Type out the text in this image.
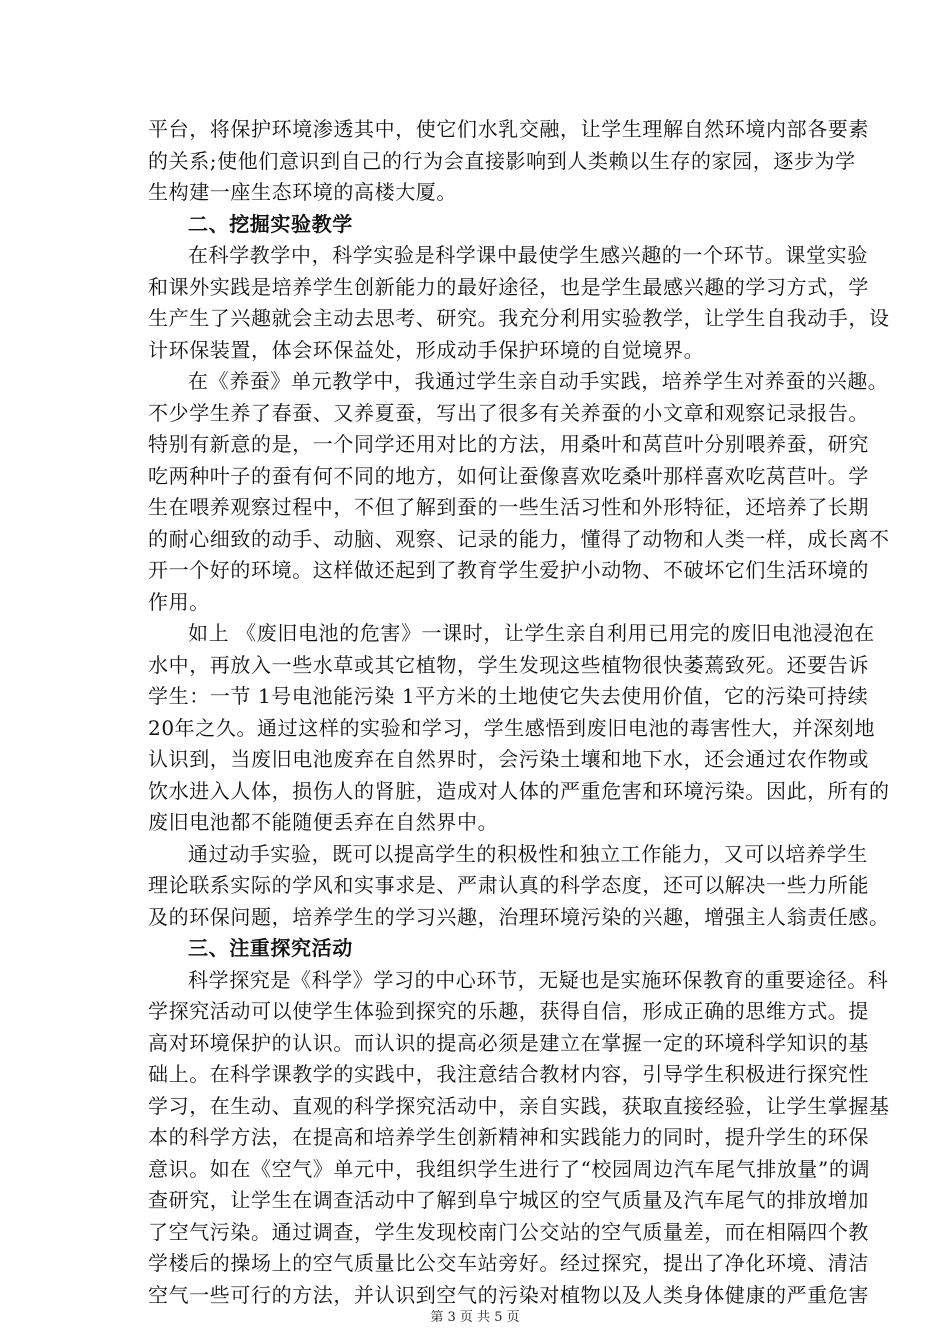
平台，将保护环境渗透其中，使它们水乳交融，让学生理解自然环境内部各要素
的关系;使他们意识到自己的行为会直接影响到人类赖以生存的家园，逐步为学
生构建一座生态环境的高楼大厦。
二、挖掘实验教学
在科学教学中，科学实验是科学课中最使学生感兴趣的一个环节。课堂实验
和课外实践是培养学生创新能力的最好途径，也是学生最感兴趣的学习方式，学
生产生了兴趣就会主动去思考、研究。我充分利用实验教学，让学生自我动手，设
计环保装置，体会环保益处，形成动手保护环境的自觉境界。
在《养蚕》单元教学中，我通过学生亲自动手实践，培养学生对养蚕的兴趣。
不少学生养了春蚕、又养夏蚕，写出了很多有关养蚕的小文章和观察记录报告。
特别有新意的是，一个同学还用对比的方法，用桑叶和莴苣叶分别喂养蚕，研究
吃两种叶子的蚕有何不同的地方，如何让蚕像喜欢吃桑叶那样喜欢吃莴苣叶。学
生在喂养观察过程中，不但了解到蚕的一些生活习性和外形特征，还培养了长期
的耐心细致的动手、动脑、观察、记录的能力，懂得了动物和人类一样，成长离不
开一个好的环境。这样做还起到了教育学生爱护小动物、不破坏它们生活环境的
作用。
如上 《废旧电池的危害》一课时，让学生亲自利用已用完的废旧电池浸泡在
水中，再放入一些水草或其它植物，学生发现这些植物很快萎蔫致死。还要告诉
学生：一节 1号电池能污染 1平方米的土地使它失去使用价值，它的污染可持续
20年之久。通过这样的实验和学习，学生感悟到废旧电池的毒害性大，并深刻地
认识到，当废旧电池废弃在自然界时，会污染土壤和地下水，还会通过农作物或
饮水进入人体，损伤人的肾脏，造成对人体的严重危害和环境污染。因此，所有的
废旧电池都不能随便丢弃在自然界中。
通过动手实验，既可以提高学生的积极性和独立工作能力，又可以培养学生
理论联系实际的学风和实事求是、严肃认真的科学态度，还可以解决一些力所能
及的环保问题，培养学生的学习兴趣，治理环境污染的兴趣，增强主人翁责任感。
三、注重探究活动
科学探究是《科学》学习的中心环节，无疑也是实施环保教育的重要途径。科
学探究活动可以使学生体验到探究的乐趣，获得自信，形成正确的思维方式。提
高对环境保护的认识。而认识的提高必须是建立在掌握一定的环境科学知识的基
础上。在科学课教学的实践中，我注意结合教材内容，引导学生积极进行探究性
学习，在生动、直观的科学探究活动中，亲自实践，获取直接经验，让学生掌握基
本的科学方法，在提高和培养学生创新精神和实践能力的同时，提升学生的环保
意识。如在《空气》单元中，我组织学生进行了“校园周边汽车尾气排放量”的调
查研究，让学生在调查活动中了解到阜宁城区的空气质量及汽车尾气的排放增加
了空气污染。通过调查，学生发现校南门公交站的空气质量差，而在相隔四个教
学楼后的操场上的空气质量比公交车站旁好。经过探究，提出了净化环境、清洁
空气一些可行的方法，并认识到空气的污染对植物以及人类身体健康的严重危害
第 3 页 共 5 页
